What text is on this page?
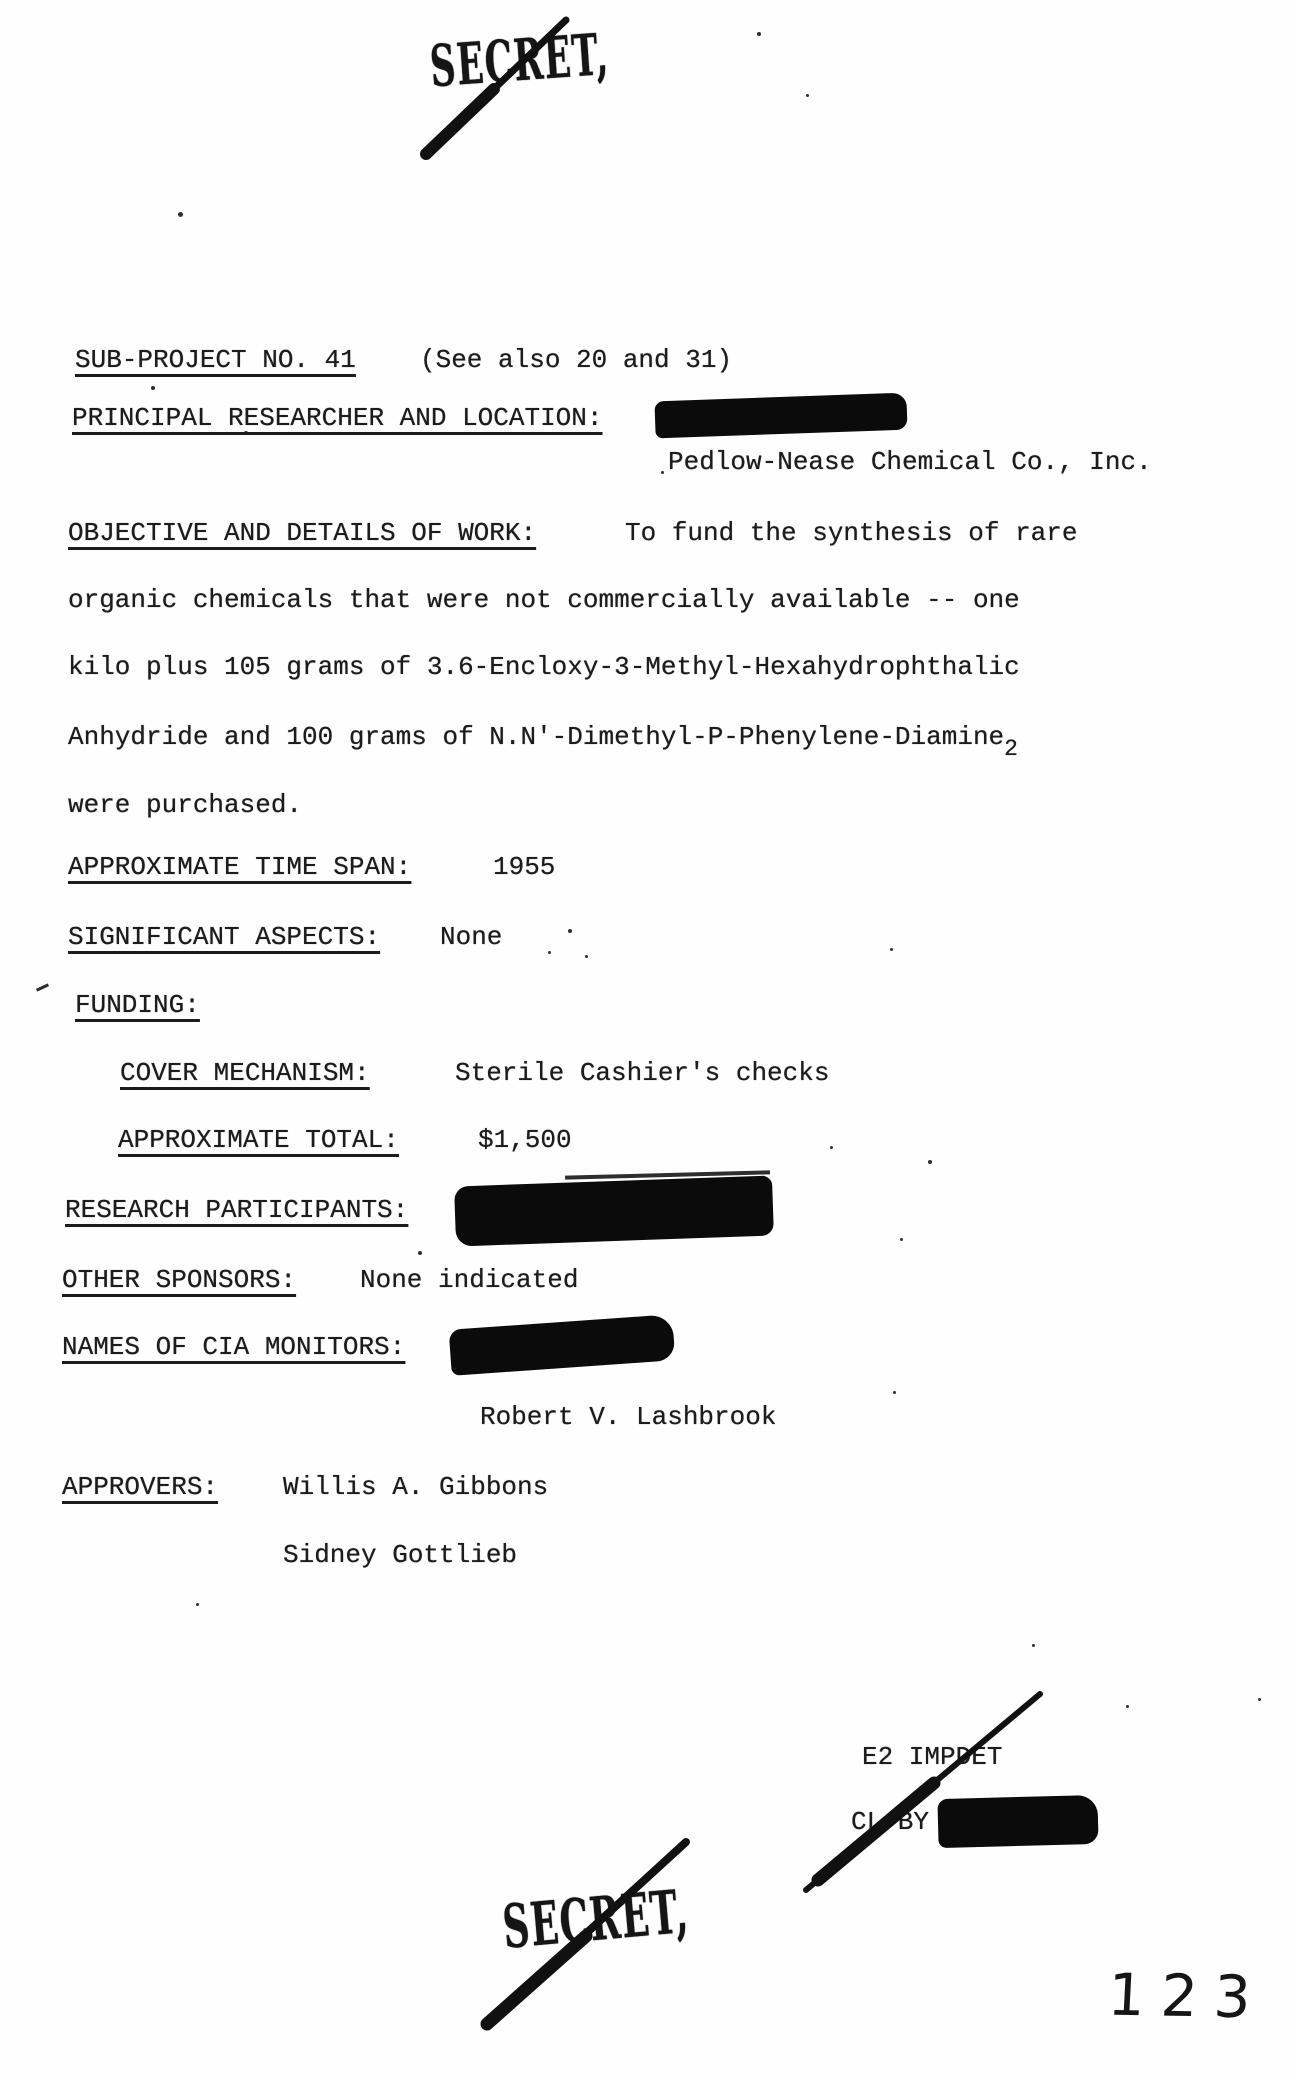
SECRET,
SUB-PROJECT NO. 41 (See also 20 and 31)
PRINCIPAL RESEARCHER AND LOCATION:
Pedlow-Nease Chemical Co., Inc.
OBJECTIVE AND DETAILS OF WORK:	To fund the synthesis of rare
organic chemicals that were not commercially available -- one
kilo plus 105 grams of 3.6-Encloxy-3-Methyl-Hexahydrophthalic
Anhydride and 100 grams of N.N'-Dimethyl-P-Phenylene-Diamine2
were purchased.
APPROXIMATE TIME SPAN:	1955
SIGNIFICANT ASPECTS: None
FUNDING:
COVER MECHANISM:	Sterile Cashier's checks
APPROXIMATE TOTAL:	$1,500
RESEARCH PARTICIPANTS:
OTHER SPONSORS: None indicated
NAMES OF CIA MONITORS:
Robert V. Lashbrook
APPROVERS: Willis A. Gibbons
Sidney Gottlieb
E2 IMPDET
CL BY
SECRET,
123
